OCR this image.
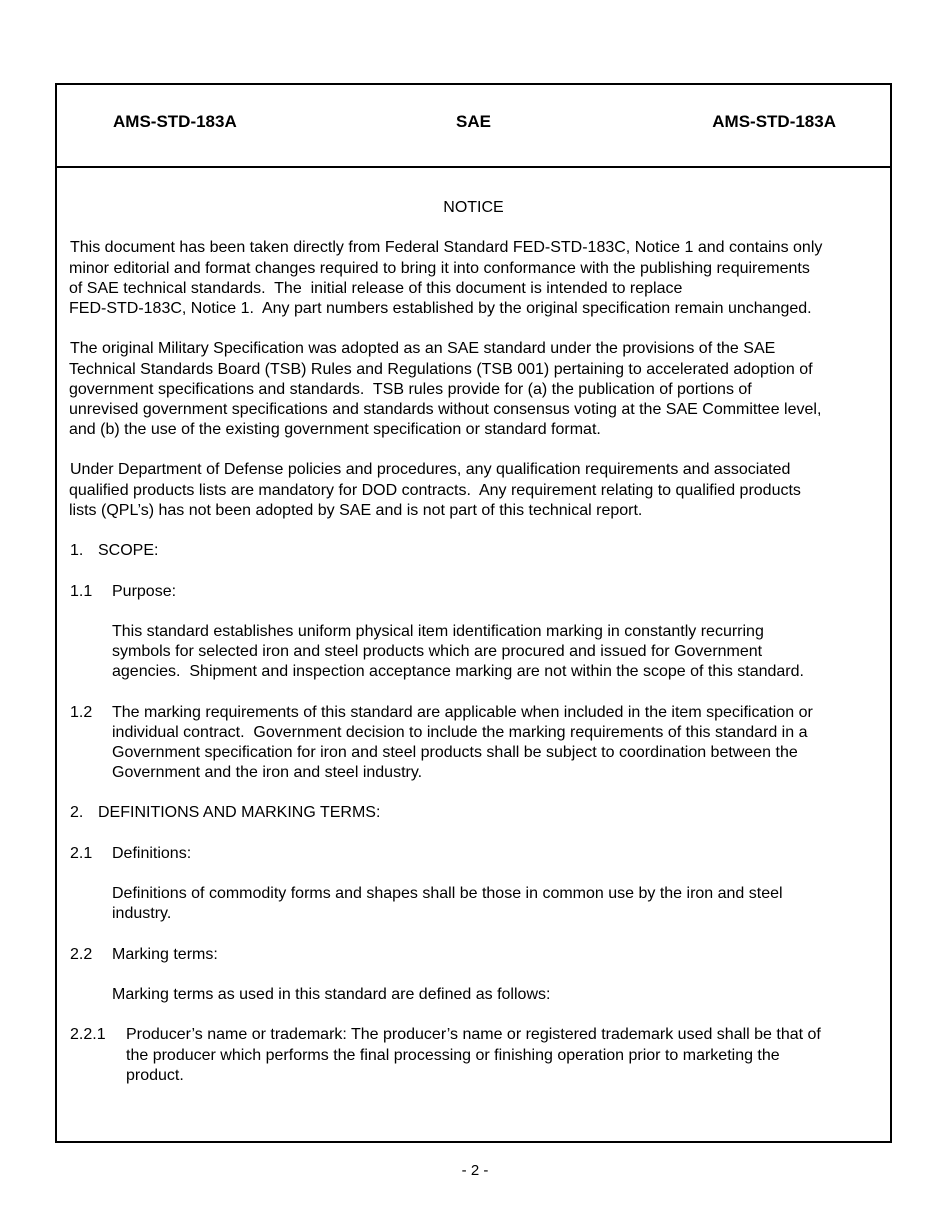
AMS-STD-183A	SAE	AMS-STD-183A
NOTICE
This document has been taken directly from Federal Standard FED-STD-183C, Notice 1 and contains only
minor editorial and format changes required to bring it into conformance with the publishing requirements
of SAE technical standards.  The  initial release of this document is intended to replace
FED-STD-183C, Notice 1.  Any part numbers established by the original specification remain unchanged.
The original Military Specification was adopted as an SAE standard under the provisions of the SAE
Technical Standards Board (TSB) Rules and Regulations (TSB 001) pertaining to accelerated adoption of
government specifications and standards.  TSB rules provide for (a) the publication of portions of
unrevised government specifications and standards without consensus voting at the SAE Committee level,
and (b) the use of the existing government specification or standard format.
Under Department of Defense policies and procedures, any qualification requirements and associated
qualified products lists are mandatory for DOD contracts.  Any requirement relating to qualified products
lists (QPL’s) has not been adopted by SAE and is not part of this technical report.
1. SCOPE:
1.1 Purpose:
This standard establishes uniform physical item identification marking in constantly recurring
symbols for selected iron and steel products which are procured and issued for Government
agencies.  Shipment and inspection acceptance marking are not within the scope of this standard.
1.2 The marking requirements of this standard are applicable when included in the item specification or
individual contract.  Government decision to include the marking requirements of this standard in a
Government specification for iron and steel products shall be subject to coordination between the
Government and the iron and steel industry.
2. DEFINITIONS AND MARKING TERMS:
2.1 Definitions:
Definitions of commodity forms and shapes shall be those in common use by the iron and steel
industry.
2.2 Marking terms:
Marking terms as used in this standard are defined as follows:
2.2.1 Producer’s name or trademark: The producer’s name or registered trademark used shall be that of
the producer which performs the final processing or finishing operation prior to marketing the
product.
- 2 -
